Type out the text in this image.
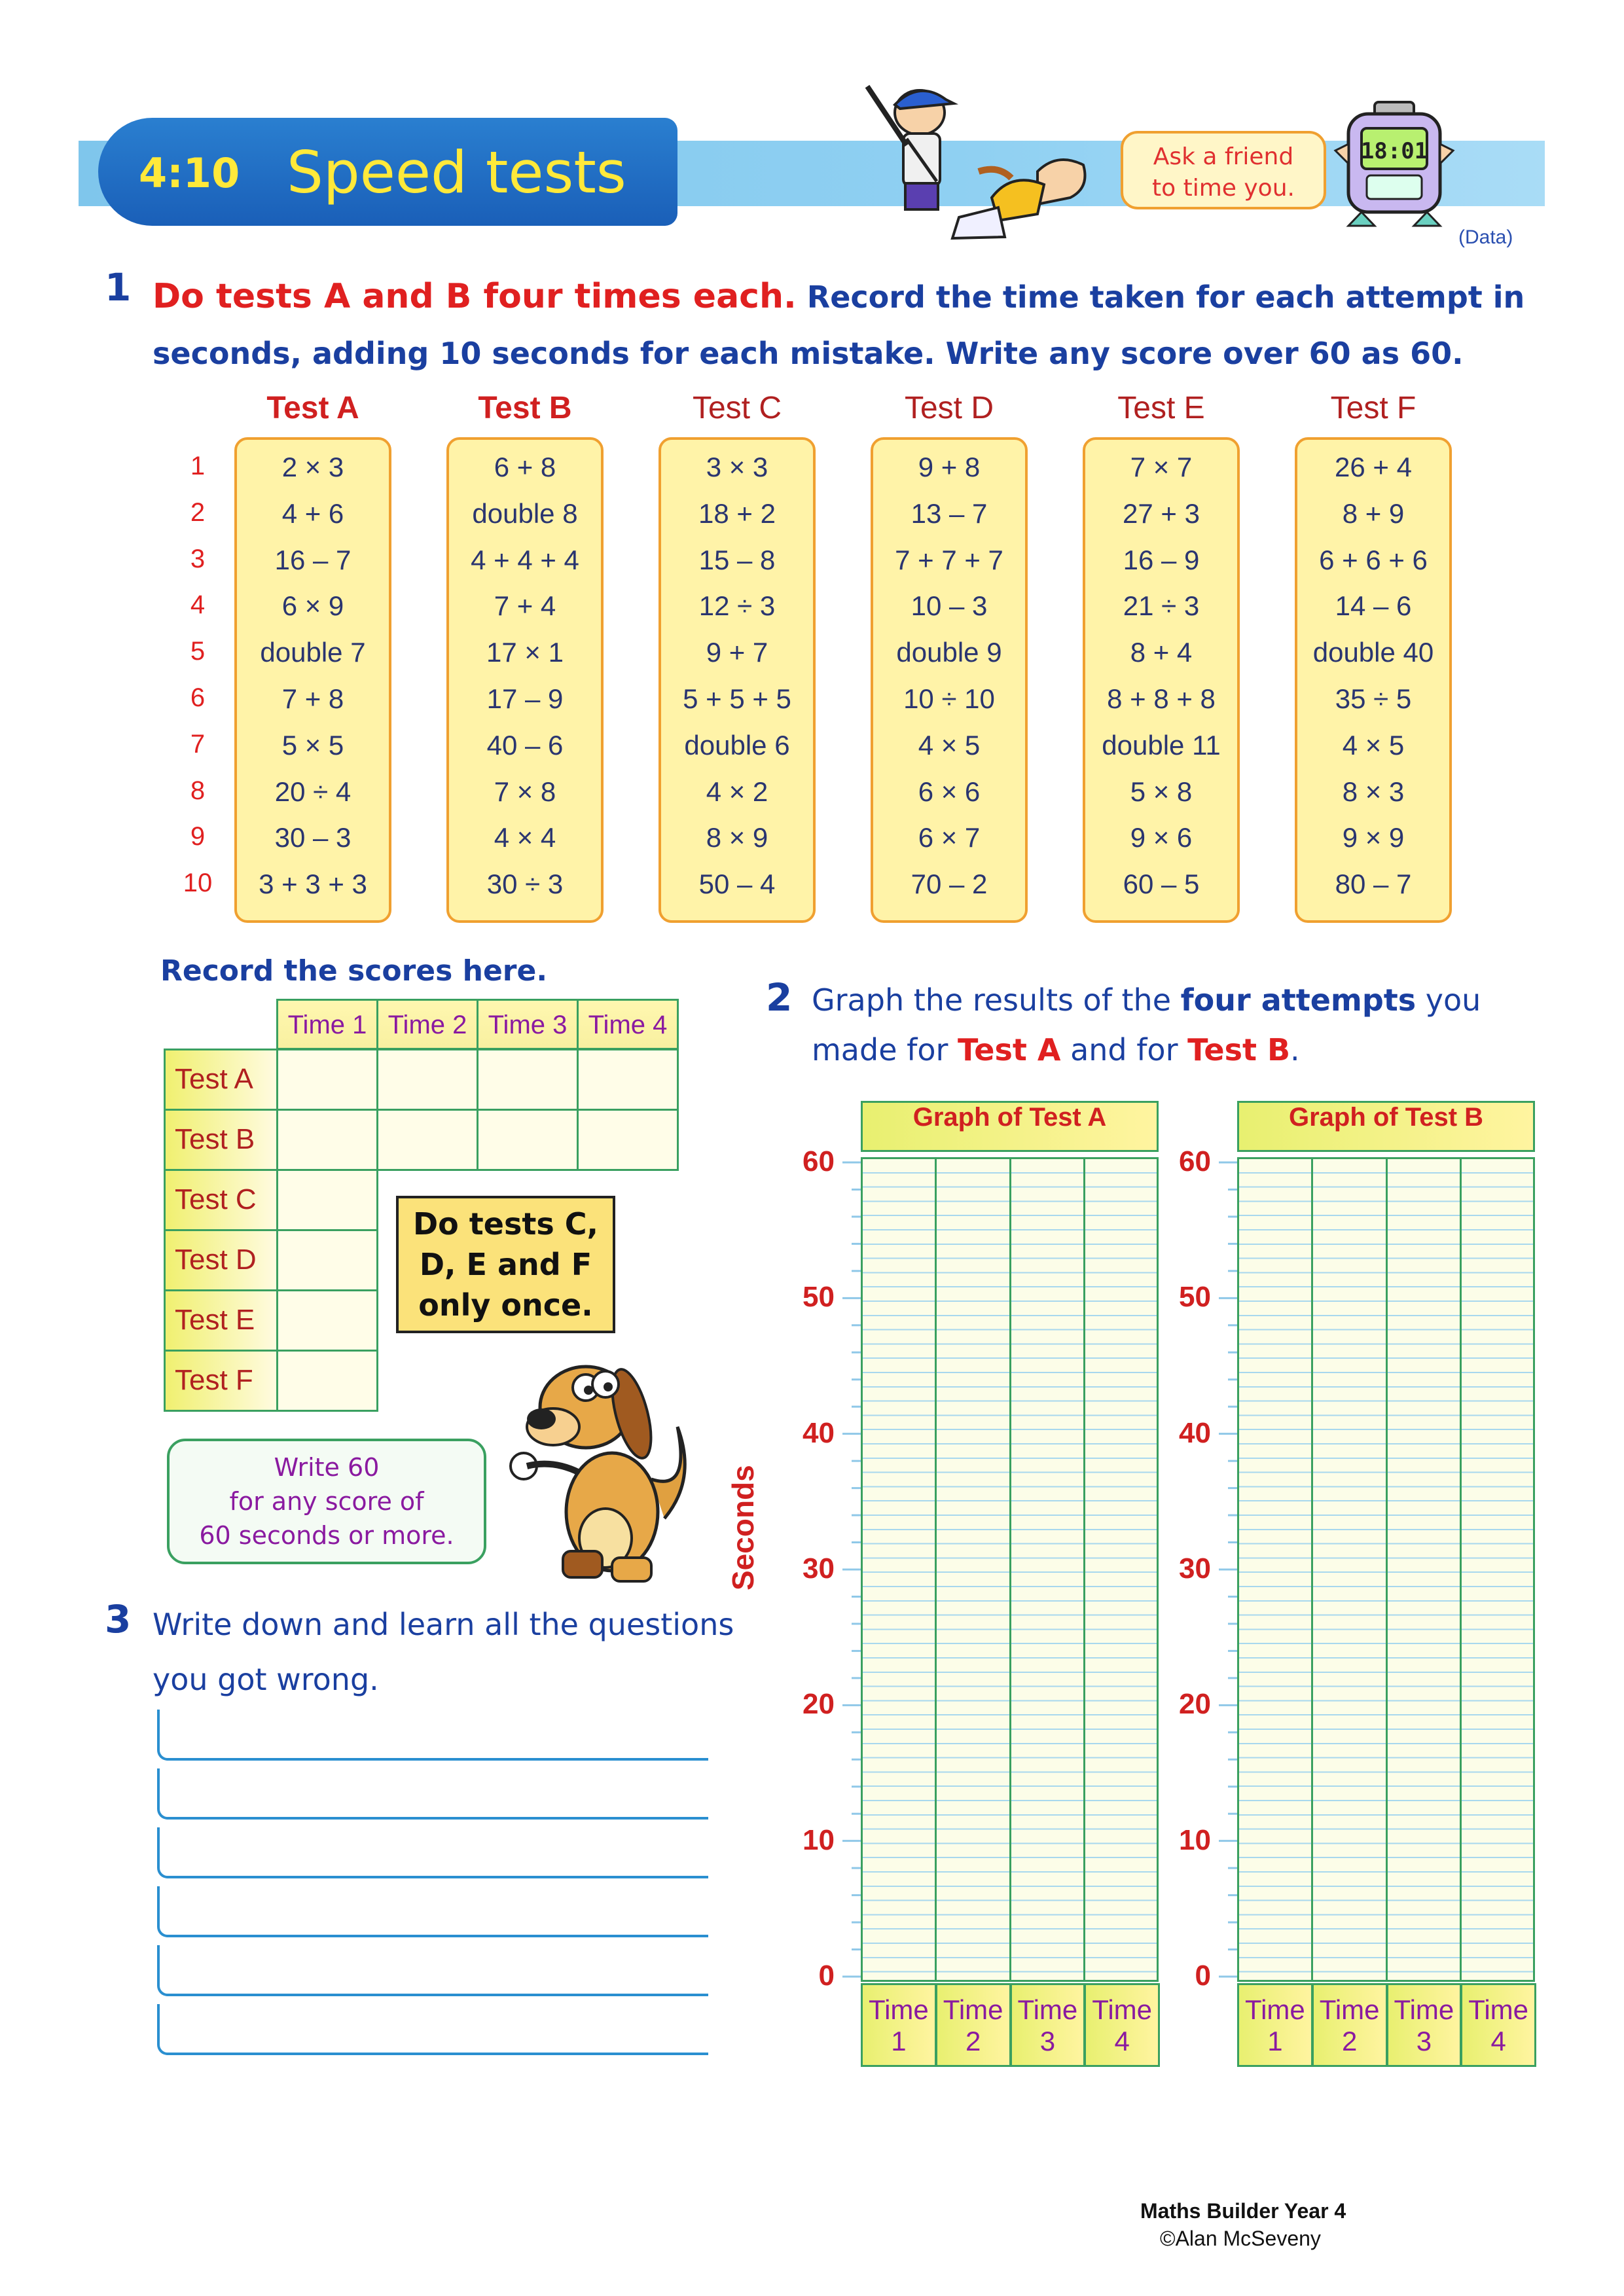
4:10 Speed tests
(Data)
Ask a friend
to time you.
18:01
1 Do tests A and B four times each. Record the time taken for each attempt in seconds, adding 10 seconds for each mistake. Write any score over 60 as 60.
1
2
3
4
5
6
7
8
9
10
Test A
2 × 3
4 + 6
16 – 7
6 × 9
double 7
7 + 8
5 × 5
20 ÷ 4
30 – 3
3 + 3 + 3
Test B
6 + 8
double 8
4 + 4 + 4
7 + 4
17 × 1
17 – 9
40 – 6
7 × 8
4 × 4
30 ÷ 3
Test C
3 × 3
18 + 2
15 – 8
12 ÷ 3
9 + 7
5 + 5 + 5
double 6
4 × 2
8 × 9
50 – 4
Test D
9 + 8
13 – 7
7 + 7 + 7
10 – 3
double 9
10 ÷ 10
4 × 5
6 × 6
6 × 7
70 – 2
Test E
7 × 7
27 + 3
16 – 9
21 ÷ 3
8 + 4
8 + 8 + 8
double 11
5 × 8
9 × 6
60 – 5
Test F
26 + 4
8 + 9
6 + 6 + 6
14 – 6
double 40
35 ÷ 5
4 × 5
8 × 3
9 × 9
80 – 7
Record the scores here.
Time 1 Time 2 Time 3 Time 4
Test A
Test B
Test C
Test D
Test E
Test F
Do tests C,
D, E and F
only once.
Write 60
for any score of
60 seconds or more.
2 Graph the results of the four attempts you made for Test A and for Test B.
Graph of Test A
Time
1
Time
2
Time
3
Time
4
60
50
40
30
20
10
0
Graph of Test B
Time
1
Time
2
Time
3
Time
4
60
50
40
30
20
10
0
Seconds
3 Write down and learn all the questions you got wrong.
Maths Builder Year 4
©Alan McSeveny
